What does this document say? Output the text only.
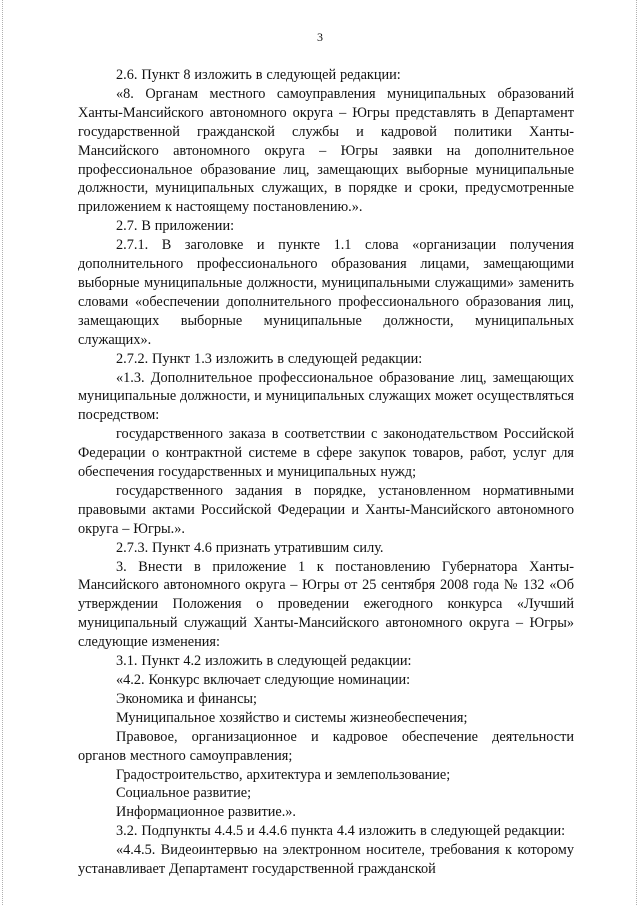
3

2.6. Пункт 8 изложить в следующей редакции:

«8. Органам местного самоуправления муниципальных образований Ханты-Мансийского автономного округа – Югры представлять в Департамент государственной гражданской службы и кадровой политики Ханты-Мансийского автономного округа – Югры заявки на дополнительное профессиональное образование лиц, замещающих выборные муниципальные должности, муниципальных служащих, в порядке и сроки, предусмотренные приложением к настоящему постановлению.».

2.7. В приложении:

2.7.1. В заголовке и пункте 1.1 слова «организации получения дополнительного профессионального образования лицами, замещающими выборные муниципальные должности, муниципальными служащими» заменить словами «обеспечении дополнительного профессионального образования лиц, замещающих выборные муниципальные должности, муниципальных служащих».

2.7.2. Пункт 1.3 изложить в следующей редакции:

«1.3. Дополнительное профессиональное образование лиц, замещающих муниципальные должности, и муниципальных служащих может осуществляться посредством:

государственного заказа в соответствии с законодательством Российской Федерации о контрактной системе в сфере закупок товаров, работ, услуг для обеспечения государственных и муниципальных нужд;

государственного задания в порядке, установленном нормативными правовыми актами Российской Федерации и Ханты-Мансийского автономного округа – Югры.».

2.7.3. Пункт 4.6 признать утратившим силу.

3. Внести в приложение 1 к постановлению Губернатора Ханты-Мансийского автономного округа – Югры от 25 сентября 2008 года № 132 «Об утверждении Положения о проведении ежегодного конкурса «Лучший муниципальный служащий Ханты-Мансийского автономного округа – Югры» следующие изменения:

3.1. Пункт 4.2 изложить в следующей редакции:

«4.2. Конкурс включает следующие номинации:

Экономика и финансы;

Муниципальное хозяйство и системы жизнеобеспечения;

Правовое, организационное и кадровое обеспечение деятельности органов местного самоуправления;

Градостроительство, архитектура и землепользование;

Социальное развитие;

Информационное развитие.».

3.2. Подпункты 4.4.5 и 4.4.6 пункта 4.4 изложить в следующей редакции:

«4.4.5. Видеоинтервью на электронном носителе, требования к которому устанавливает Департамент государственной гражданской
